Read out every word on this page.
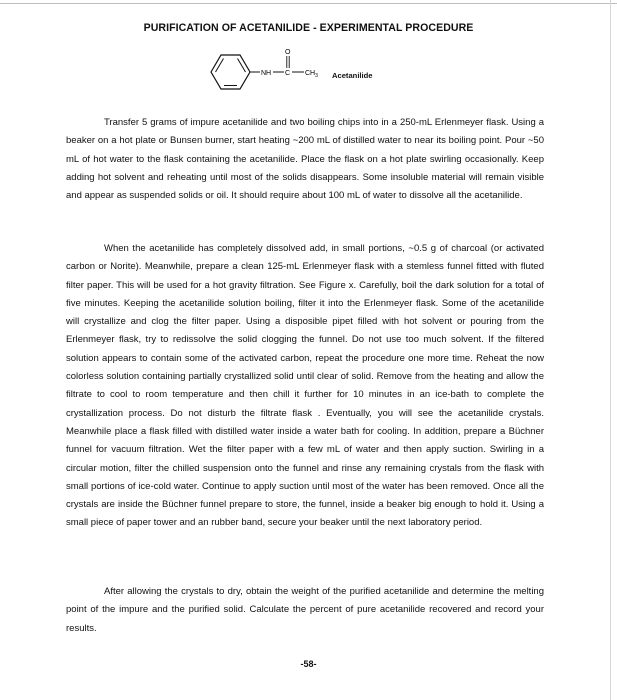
PURIFICATION OF ACETANILIDE - EXPERIMENTAL PROCEDURE
NH C
O
$CH_3$ Acetanilide

Transfer 5 grams of impure acetanilide and two boiling chips into in a 250-mL Erlenmeyer flask. Using a beaker on a hot plate or Bunsen burner, start heating ~200 mL of distilled water to near its boiling point. Pour ~50 mL of hot water to the flask containing the acetanilide. Place the flask on a hot plate swirling occasionally. Keep adding hot solvent and reheating until most of the solids disappears. Some insoluble material will remain visible and appear as suspended solids or oil. It should require about 100 mL of water to dissolve all the acetanilide.

When the acetanilide has completely dissolved add, in small portions, ~0.5 g of charcoal (or activated carbon or Norite). Meanwhile, prepare a clean 125-mL Erlenmeyer flask with a stemless funnel fitted with fluted filter paper. This will be used for a hot gravity filtration. See Figure x. Carefully, boil the dark solution for a total of five minutes. Keeping the acetanilide solution boiling, filter it into the Erlenmeyer flask. Some of the acetanilide will crystallize and clog the filter paper. Using a disposible pipet filled with hot solvent or pouring from the Erlenmeyer flask, try to redissolve the solid clogging the funnel. Do not use too much solvent. If the filtered solution appears to contain some of the activated carbon, repeat the procedure one more time. Reheat the now colorless solution containing partially crystallized solid until clear of solid. Remove from the heating and allow the filtrate to cool to room temperature and then chill it further for 10 minutes in an ice-bath to complete the crystallization process. Do not disturb the filtrate flask . Eventually, you will see the acetanilide crystals. Meanwhile place a flask filled with distilled water inside a water bath for cooling. In addition, prepare a Büchner funnel for vacuum filtration. Wet the filter paper with a few mL of water and then apply suction. Swirling in a circular motion, filter the chilled suspension onto the funnel and rinse any remaining crystals from the flask with small portions of ice-cold water. Continue to apply suction until most of the water has been removed. Once all the crystals are inside the Büchner funnel prepare to store, the funnel, inside a beaker big enough to hold it. Using a small piece of paper tower and an rubber band, secure your beaker until the next laboratory period.

After allowing the crystals to dry, obtain the weight of the purified acetanilide and determine the melting point of the impure and the purified solid. Calculate the percent of pure acetanilide recovered and record your results.

-58-
